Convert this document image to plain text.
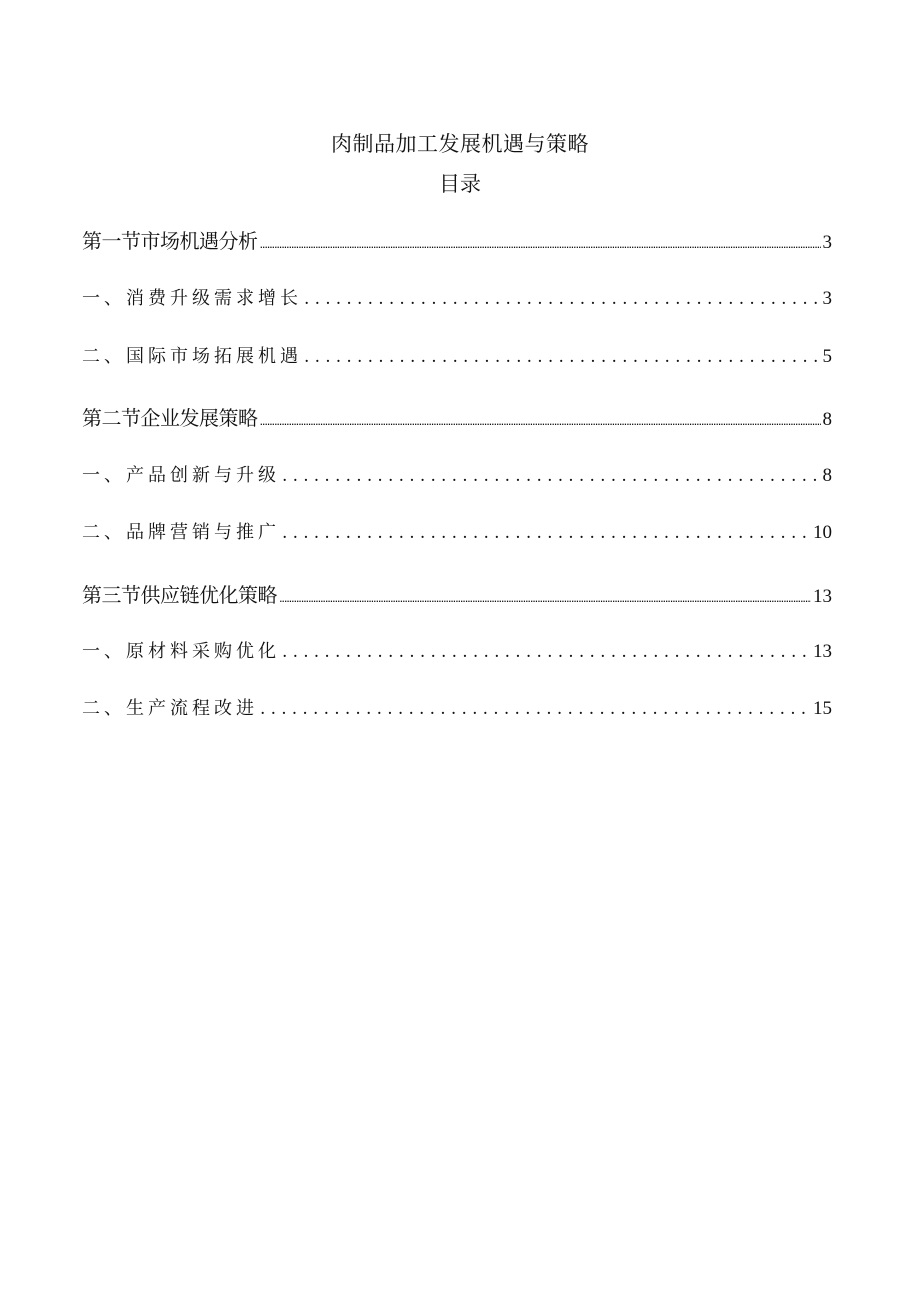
肉制品加工发展机遇与策略
目录
第一节市场机遇分析 .....	3
一、消费升级需求增长 .....	3
二、国际市场拓展机遇 .....	5
第二节企业发展策略 .....	8
一、产品创新与升级 .....	8
二、品牌营销与推广 .....	10
第三节供应链优化策略 .....	13
一、原材料采购优化 .....	13
二、生产流程改进 .....	15
